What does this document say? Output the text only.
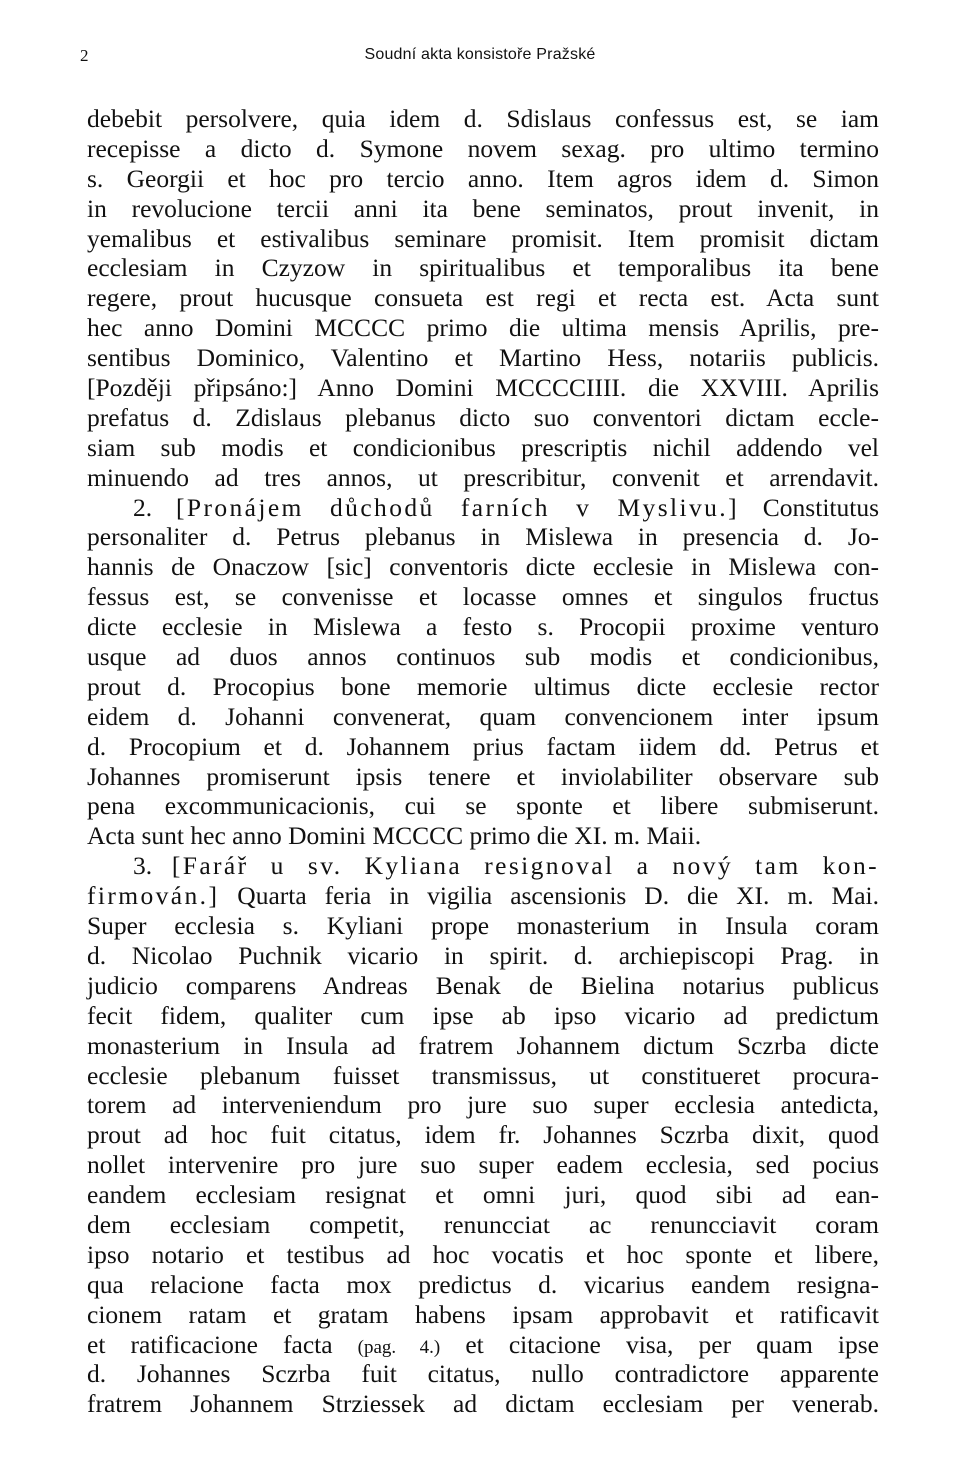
2	Soudní akta konsistoře Pražské
debebit persolvere, quia idem d. Sdislaus confessus est, se iam
recepisse a dicto d. Symone novem sexag. pro ultimo termino
s. Georgii et hoc pro tercio anno. Item agros idem d. Simon
in revolucione tercii anni ita bene seminatos, prout invenit, in
yemalibus et estivalibus seminare promisit. Item promisit dictam
ecclesiam in Czyzow in spiritualibus et temporalibus ita bene
regere, prout hucusque consueta est regi et recta est. Acta sunt
hec anno Domini MCCCC primo die ultima mensis Aprilis, pre-
sentibus Dominico, Valentino et Martino Hess, notariis publicis.
[Později připsáno:] Anno Domini MCCCCIIII. die XXVIII. Aprilis
prefatus d. Zdislaus plebanus dicto suo conventori dictam eccle-
siam sub modis et condicionibus prescriptis nichil addendo vel
minuendo ad tres annos, ut prescribitur, convenit et arrendavit.
2. [Pronájem důchodů farních v Myslivu.] Constitutus
personaliter d. Petrus plebanus in Mislewa in presencia d. Jo-
hannis de Onaczow [sic] conventoris dicte ecclesie in Mislewa con-
fessus est, se convenisse et locasse omnes et singulos fructus
dicte ecclesie in Mislewa a festo s. Procopii proxime venturo
usque ad duos annos continuos sub modis et condicionibus,
prout d. Procopius bone memorie ultimus dicte ecclesie rector
eidem d. Johanni convenerat, quam convencionem inter ipsum
d. Procopium et d. Johannem prius factam iidem dd. Petrus et
Johannes promiserunt ipsis tenere et inviolabiliter observare sub
pena excommunicacionis, cui se sponte et libere submiserunt.
Acta sunt hec anno Domini MCCCC primo die XI. m. Maii.
3. [Farář u sv. Kyliana resignoval a nový tam kon-
firmován.] Quarta feria in vigilia ascensionis D. die XI. m. Mai.
Super ecclesia s. Kyliani prope monasterium in Insula coram
d. Nicolao Puchnik vicario in spirit. d. archiepiscopi Prag. in
judicio comparens Andreas Benak de Bielina notarius publicus
fecit fidem, qualiter cum ipse ab ipso vicario ad predictum
monasterium in Insula ad fratrem Johannem dictum Sczrba dicte
ecclesie plebanum fuisset transmissus, ut constitueret procura-
torem ad interveniendum pro jure suo super ecclesia antedicta,
prout ad hoc fuit citatus, idem fr. Johannes Sczrba dixit, quod
nollet intervenire pro jure suo super eadem ecclesia, sed pocius
eandem ecclesiam resignat et omni juri, quod sibi ad ean-
dem ecclesiam competit, renuncciat ac renuncciavit coram
ipso notario et testibus ad hoc vocatis et hoc sponte et libere,
qua relacione facta mox predictus d. vicarius eandem resigna-
cionem ratam et gratam habens ipsam approbavit et ratificavit
et ratificacione facta (pag. 4.) et citacione visa, per quam ipse
d. Johannes Sczrba fuit citatus, nullo contradictore apparente
fratrem Johannem Strziessek ad dictam ecclesiam per venerab.
